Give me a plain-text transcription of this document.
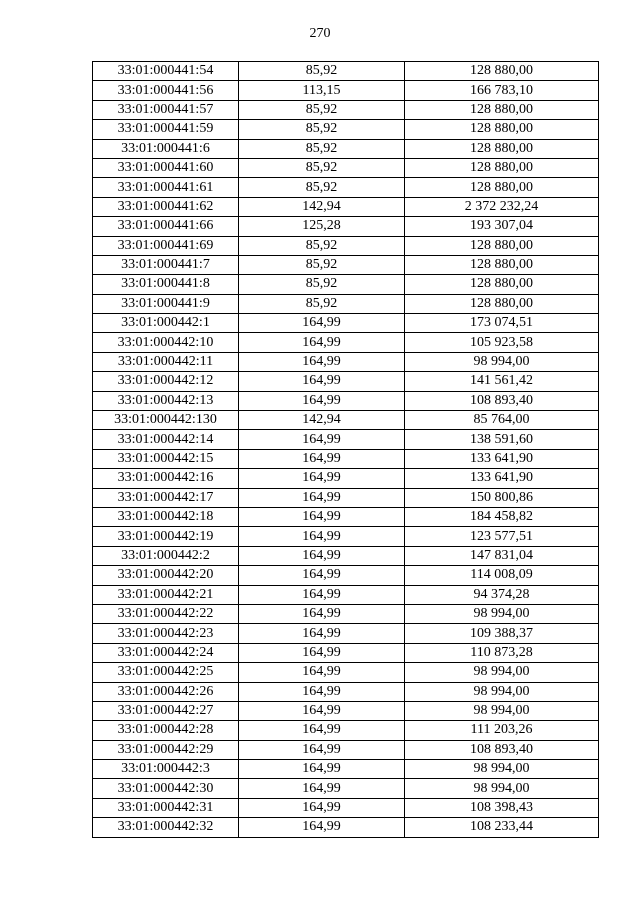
270
33:01:000441:54	85,92	128 880,00
33:01:000441:56	113,15	166 783,10
33:01:000441:57	85,92	128 880,00
33:01:000441:59	85,92	128 880,00
33:01:000441:6	85,92	128 880,00
33:01:000441:60	85,92	128 880,00
33:01:000441:61	85,92	128 880,00
33:01:000441:62	142,94	2 372 232,24
33:01:000441:66	125,28	193 307,04
33:01:000441:69	85,92	128 880,00
33:01:000441:7	85,92	128 880,00
33:01:000441:8	85,92	128 880,00
33:01:000441:9	85,92	128 880,00
33:01:000442:1	164,99	173 074,51
33:01:000442:10	164,99	105 923,58
33:01:000442:11	164,99	98 994,00
33:01:000442:12	164,99	141 561,42
33:01:000442:13	164,99	108 893,40
33:01:000442:130	142,94	85 764,00
33:01:000442:14	164,99	138 591,60
33:01:000442:15	164,99	133 641,90
33:01:000442:16	164,99	133 641,90
33:01:000442:17	164,99	150 800,86
33:01:000442:18	164,99	184 458,82
33:01:000442:19	164,99	123 577,51
33:01:000442:2	164,99	147 831,04
33:01:000442:20	164,99	114 008,09
33:01:000442:21	164,99	94 374,28
33:01:000442:22	164,99	98 994,00
33:01:000442:23	164,99	109 388,37
33:01:000442:24	164,99	110 873,28
33:01:000442:25	164,99	98 994,00
33:01:000442:26	164,99	98 994,00
33:01:000442:27	164,99	98 994,00
33:01:000442:28	164,99	111 203,26
33:01:000442:29	164,99	108 893,40
33:01:000442:3	164,99	98 994,00
33:01:000442:30	164,99	98 994,00
33:01:000442:31	164,99	108 398,43
33:01:000442:32	164,99	108 233,44
